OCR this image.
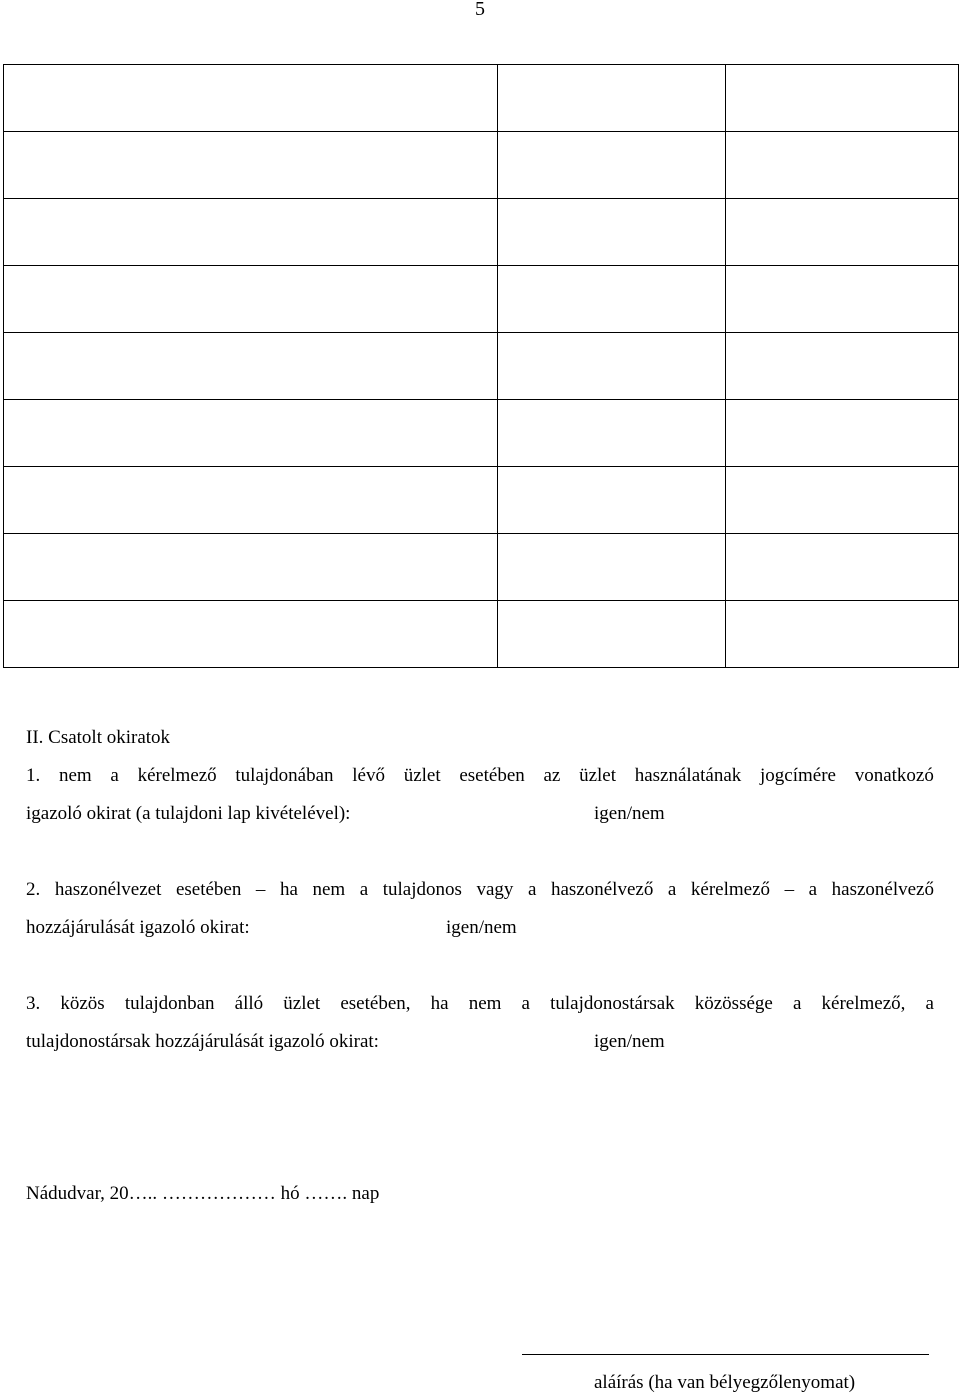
5

II. Csatolt okiratok
1. nem a kérelmező tulajdonában lévő üzlet esetében az üzlet használatának jogcímére vonatkozó
igazoló okirat (a tulajdoni lap kivételével):	igen/nem
2. haszonélvezet esetében – ha nem a tulajdonos vagy a haszonélvező a kérelmező – a haszonélvező
hozzájárulását igazoló okirat:	igen/nem
3. közös tulajdonban álló üzlet esetében, ha nem a tulajdonostársak közössége a kérelmező, a
tulajdonostársak hozzájárulását igazoló okirat:	igen/nem
Nádudvar, 20….. ……………… hó ……. nap
aláírás (ha van bélyegzőlenyomat)
